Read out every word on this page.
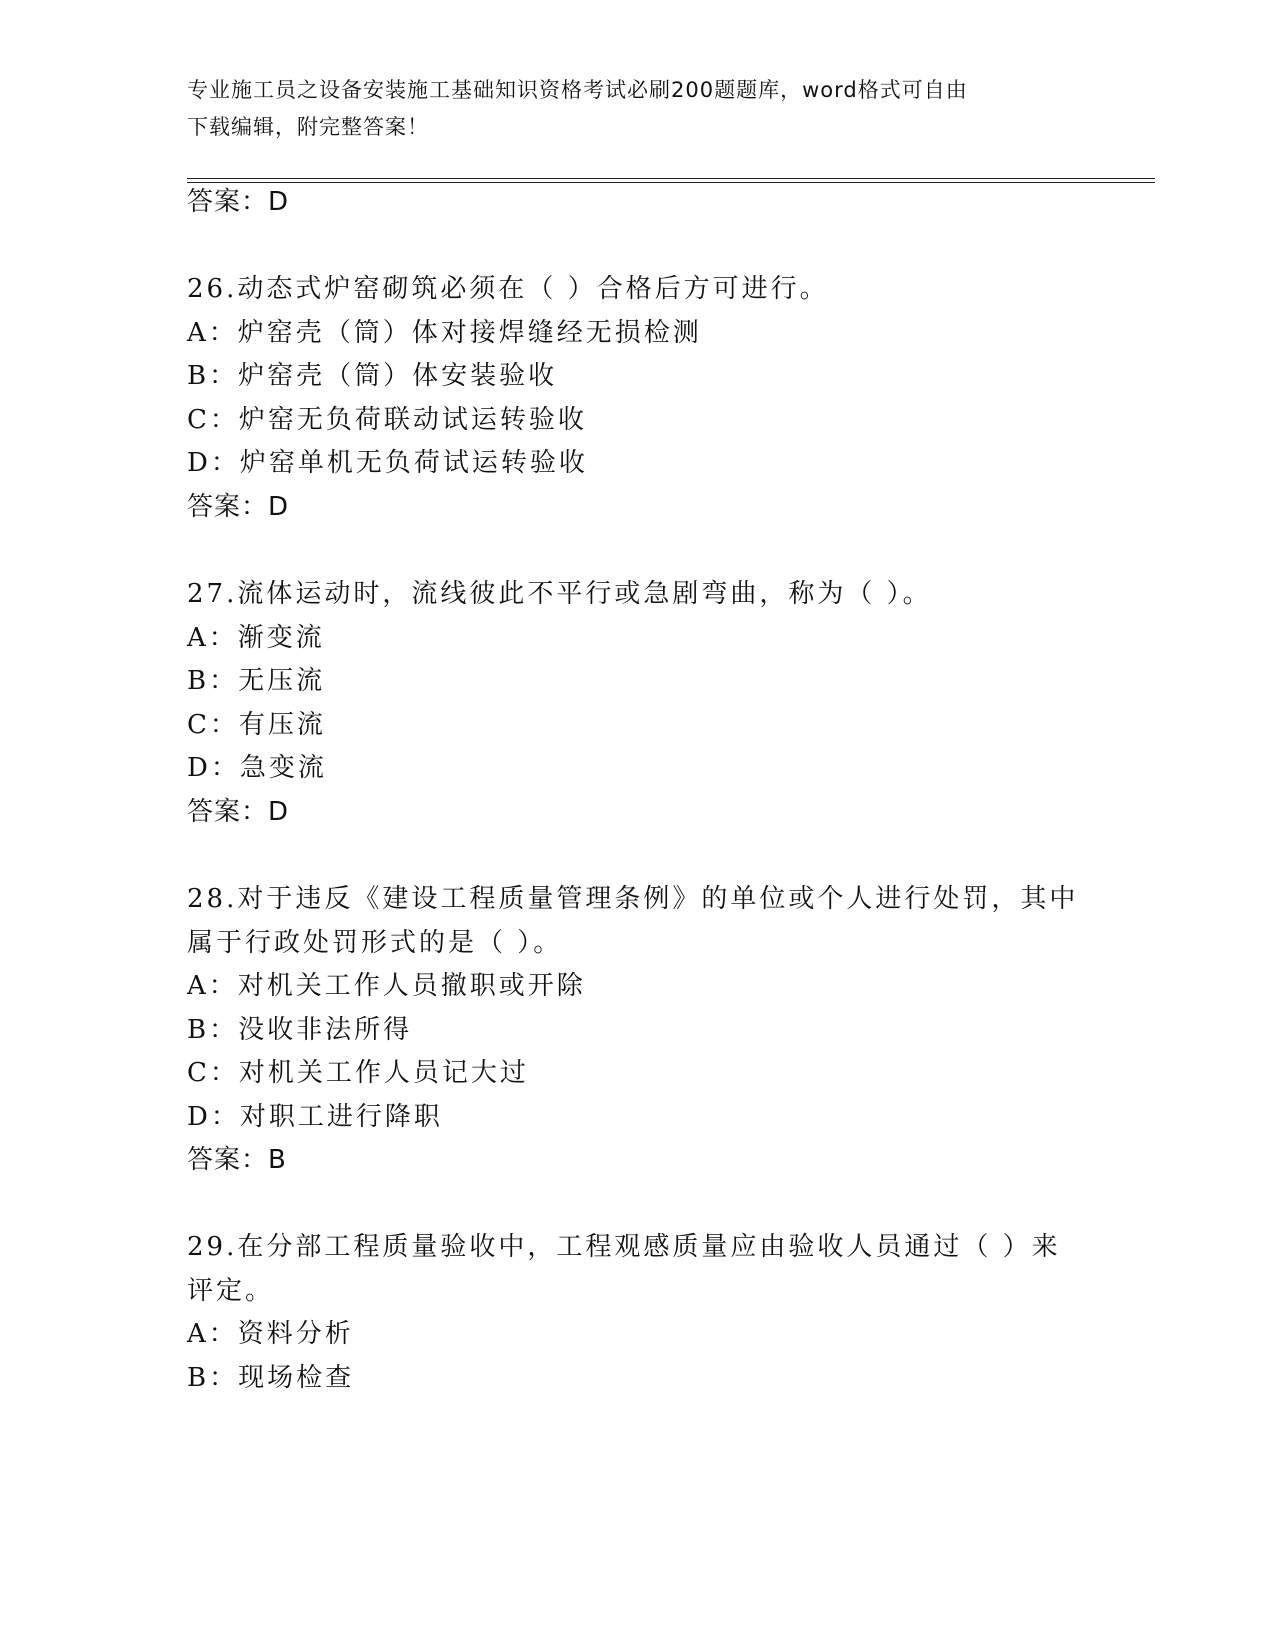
专业施工员之设备安装施工基础知识资格考试必刷200题题库，word格式可自由
下载编辑，附完整答案！
答案：D
26.动态式炉窑砌筑必须在（ ）合格后方可进行。
A：炉窑壳（筒）体对接焊缝经无损检测
B：炉窑壳（筒）体安装验收
C：炉窑无负荷联动试运转验收
D：炉窑单机无负荷试运转验收
答案：D
27.流体运动时，流线彼此不平行或急剧弯曲，称为（ ）。
A：渐变流
B：无压流
C：有压流
D：急变流
答案：D
28.对于违反《建设工程质量管理条例》的单位或个人进行处罚，其中
属于行政处罚形式的是（ ）。
A：对机关工作人员撤职或开除
B：没收非法所得
C：对机关工作人员记大过
D：对职工进行降职
答案：B
29.在分部工程质量验收中，工程观感质量应由验收人员通过（ ）来
评定。
A：资料分析
B：现场检查
